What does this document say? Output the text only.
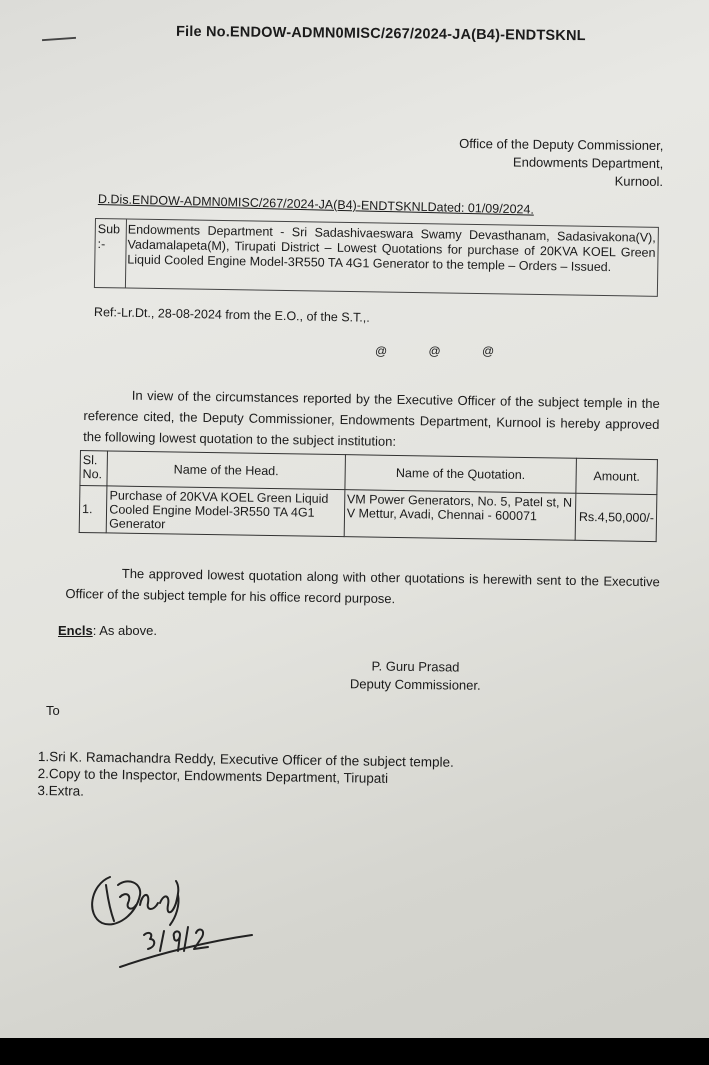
File No.ENDOW-ADMN0MISC/267/2024-JA(B4)-ENDTSKNL
Office of the Deputy Commissioner,
Endowments Department,
Kurnool.
D.Dis.ENDOW-ADMN0MISC/267/2024-JA(B4)-ENDTSKNLDated: 01/09/2024.
Sub :-	Endowments Department - Sri Sadashivaeswara Swamy Devasthanam, Sadasivakona(V), Vadamalapeta(M), Tirupati District – Lowest Quotations for purchase of 20KVA KOEL Green Liquid Cooled Engine Model-3R550 TA 4G1 Generator to the temple – Orders – Issued.
Ref:-Lr.Dt., 28-08-2024 from the E.O., of the S.T.,.
@ @ @
In view of the circumstances reported by the Executive Officer of the subject temple in the reference cited, the Deputy Commissioner, Endowments Department, Kurnool is hereby approved the following lowest quotation to the subject institution:
Sl. No.	Name of the Head.	Name of the Quotation.	Amount.
1.	Purchase of 20KVA KOEL Green Liquid Cooled Engine Model-3R550 TA 4G1 Generator	VM Power Generators, No. 5, Patel st, N V Mettur, Avadi, Chennai - 600071	Rs.4,50,000/-
The approved lowest quotation along with other quotations is herewith sent to the Executive Officer of the subject temple for his office record purpose.
Encls: As above.
P. Guru Prasad
Deputy Commissioner.
To
1.Sri K. Ramachandra Reddy, Executive Officer of the subject temple.
2.Copy to the Inspector, Endowments Department, Tirupati
3.Extra.
